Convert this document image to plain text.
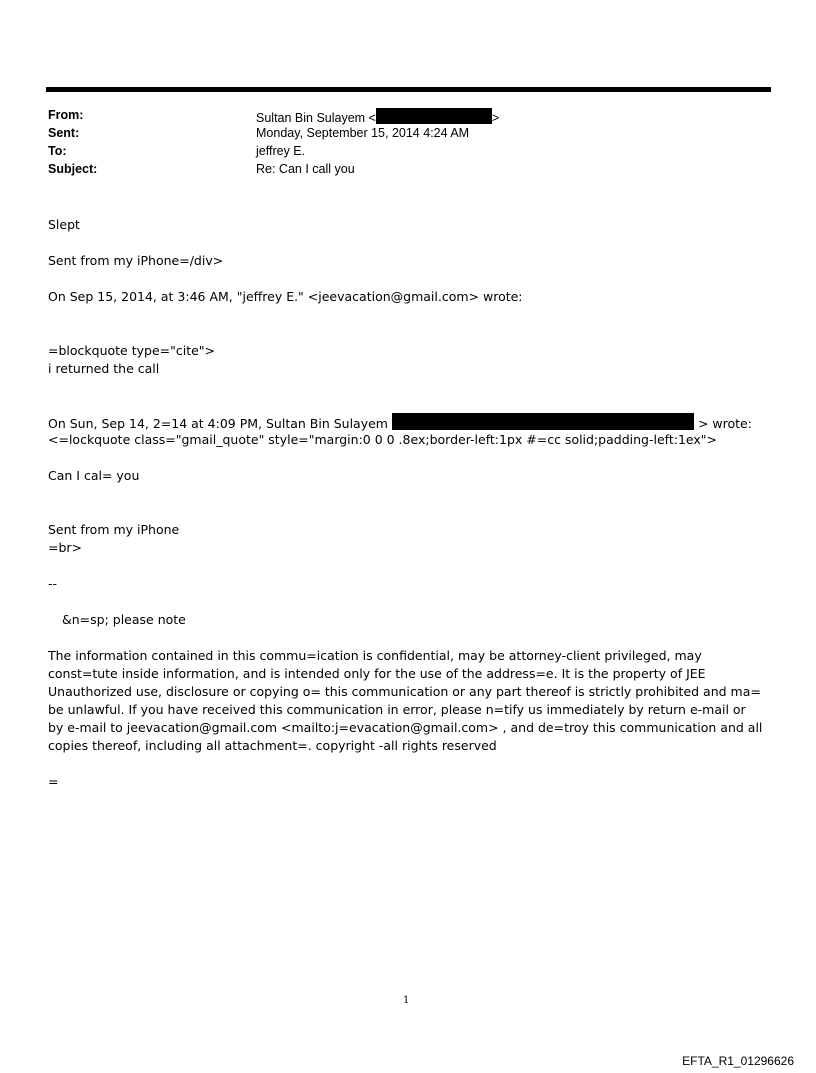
From:	Sultan Bin Sulayem <	>
Sent:	Monday, September 15, 2014 4:24 AM
To:	jeffrey E.
Subject:	Re: Can I call you
Slept
Sent from my iPhone=/div>
On Sep 15, 2014, at 3:46 AM, "jeffrey E." <jeevacation@gmail.com> wrote:
=blockquote type="cite">
i returned the call
On Sun, Sep 14, 2=14 at 4:09 PM, Sultan Bin Sulayem	> wrote:
<=lockquote class="gmail_quote" style="margin:0 0 0 .8ex;border-left:1px #=cc solid;padding-left:1ex">
Can I cal= you
Sent from my iPhone
=br>
--
&n=sp; please note
The information contained in this commu=ication is confidential, may be attorney-client privileged, may const=tute inside information, and is intended only for the use of the address=e. It is the property of JEE Unauthorized use, disclosure or copying o= this communication or any part thereof is strictly prohibited and ma= be unlawful. If you have received this communication in error, please n=tify us immediately by return e-mail or by e-mail to jeevacation@gmail.com <mailto:j=evacation@gmail.com> , and de=troy this communication and all copies thereof, including all attachment=. copyright -all rights reserved
=
1
EFTA_R1_01296626
